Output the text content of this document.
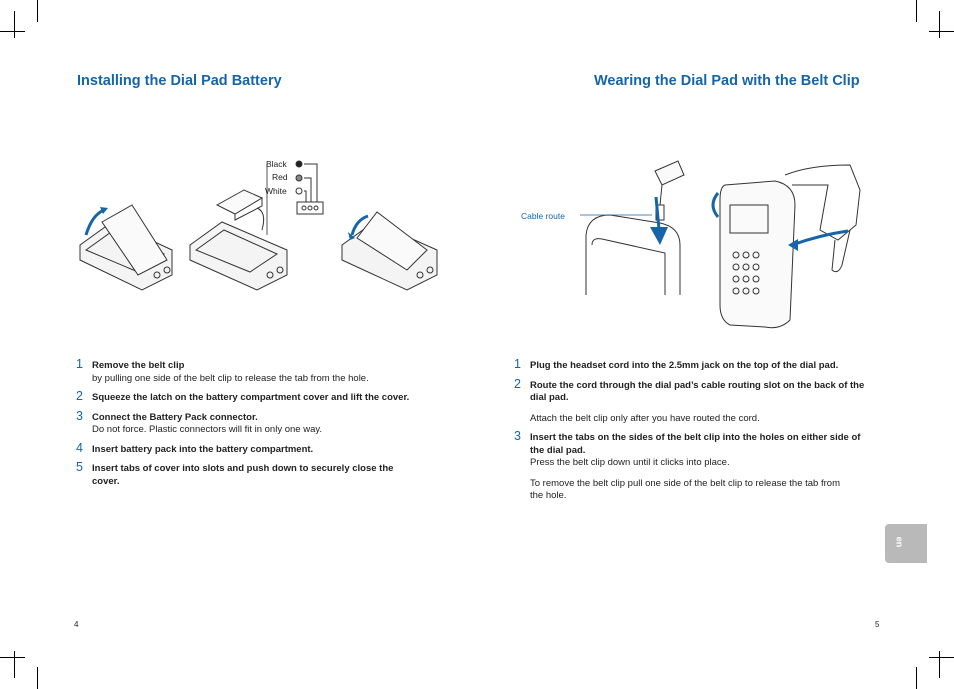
Installing the Dial Pad Battery	Wearing the Dial Pad with the Belt Clip
Black
Red
White
Cable route
1 Remove the belt clip
by pulling one side of the belt clip to release the tab from the hole.
2 Squeeze the latch on the battery compartment cover and lift the cover.
3 Connect the Battery Pack connector.
Do not force. Plastic connectors will fit in only one way.
4 Insert battery pack into the battery compartment.
5 Insert tabs of cover into slots and push down to securely close the cover.
1 Plug the headset cord into the 2.5mm jack on the top of the dial pad.
2 Route the cord through the dial pad’s cable routing slot on the back of the dial pad.
Attach the belt clip only after you have routed the cord.
3 Insert the tabs on the sides of the belt clip into the holes on either side of the dial pad.
Press the belt clip down until it clicks into place.
To remove the belt clip pull one side of the belt clip to release the tab from the hole.
en
4	5
